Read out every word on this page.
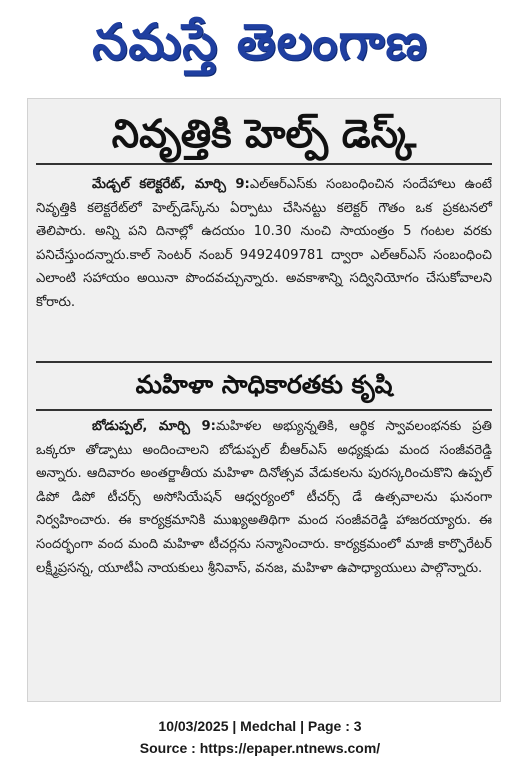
నమస్తే తెలంగాణ
నివృత్తికి హెల్ప్ డెస్క్

మేడ్చల్ కలెక్టరేట్, మార్చి 9:ఎల్ఆర్ఎస్‌కు సంబంధించిన సందేహాలు ఉంటే నివృత్తికి కలెక్టరేట్‌లో హెల్ప్‌డెస్క్‌ను ఏర్పాటు చేసినట్టు కలెక్టర్ గౌతం ఒక ప్రకటనలో తెలిపారు. అన్ని పని దినాల్లో ఉదయం 10.30 నుంచి సాయంత్రం 5 గంటల వరకు పనిచేస్తుందన్నారు.కాల్ సెంటర్ నంబర్ 9492409781 ద్వారా ఎల్ఆర్ఎస్ సంబంధించి ఎలాంటి సహాయం అయినా పొందవచ్చున్నారు. అవకాశాన్ని సద్వినియోగం చేసుకోవాలని కోరారు.

మహిళా సాధికారతకు కృషి

బోడుప్పల్, మార్చి 9:మహిళల అభ్యున్నతికి, ఆర్థిక స్వావలంభనకు ప్రతి ఒక్కరూ తోడ్పాటు అందించాలని బోడుప్పల్ బీఆర్ఎస్ అధ్యక్షుడు మంద సంజీవరెడ్డి అన్నారు. ఆదివారం అంతర్జాతీయ మహిళా దినోత్సవ వేడుకలను పురస్కరించుకొని ఉప్పల్ డిపో డిపో టీచర్స్ అసోసియేషన్ ఆధ్వర్యంలో టీచర్స్ డే ఉత్సవాలను ఘనంగా నిర్వహించారు. ఈ కార్యక్రమానికి ముఖ్యఅతిథిగా మంద సంజీవరెడ్డి హాజరయ్యారు. ఈ సందర్భంగా వంద మంది మహిళా టీచర్లను సన్మానించారు. కార్యక్రమంలో మాజీ కార్పొరేటర్ లక్ష్మీప్రసన్న, యూటీఏ నాయకులు శ్రీనివాస్, వనజ, మహిళా ఉపాధ్యాయులు పాల్గొన్నారు.

10/03/2025 | Medchal | Page : 3
Source : https://epaper.ntnews.com/
